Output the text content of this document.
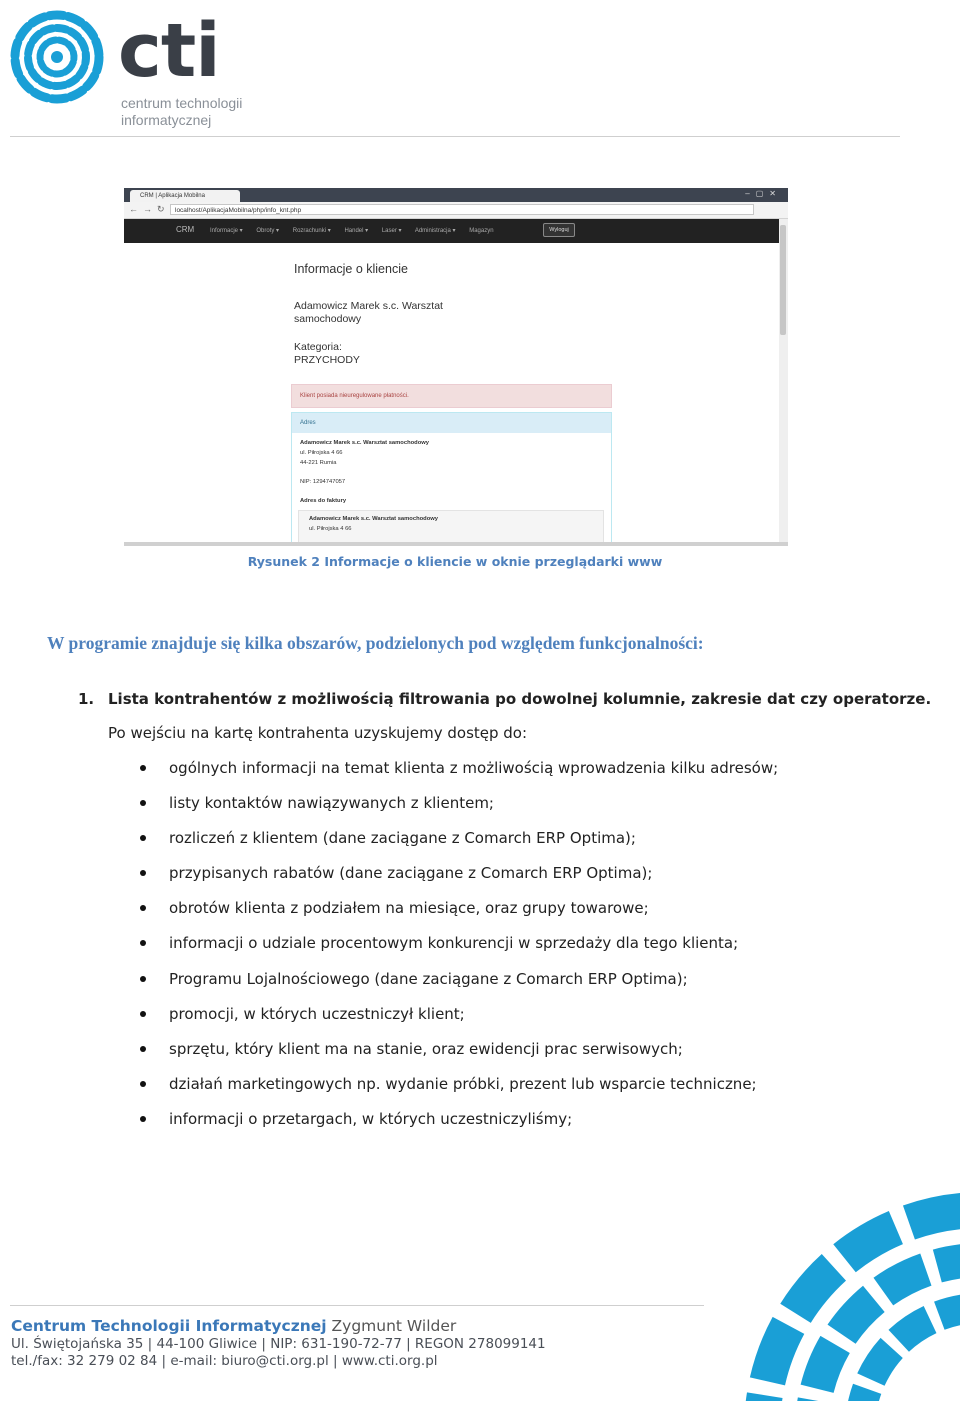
cti
centrum technologii
informatycznej
CRM | Aplikacja Mobilna	–▢✕
←→↻ localhost/AplikacjaMobilna/php/info_knt.php
CRM	Informacje ▾ Obroty ▾ Rozrachunki ▾ Handel ▾ Laser ▾ Administracja ▾ Magazyn	Wyloguj
Informacje o kliencie
Adamowicz Marek s.c. Warsztat samochodowy
Kategoria:
PRZYCHODY
Klient posiada nieuregulowane płatności.
Adres
Adamowicz Marek s.c. Warsztat samochodowy
ul. Piłrojska 4 66
44-221 Rumia
NIP: 1294747057
Adres do faktury
Adamowicz Marek s.c. Warsztat samochodowy
ul. Piłrojska 4 66
Rysunek 2 Informacje o kliencie w oknie przeglądarki www
W programie znajduje się kilka obszarów, podzielonych pod względem funkcjonalności:
1. Lista kontrahentów z możliwością filtrowania po dowolnej kolumnie, zakresie dat czy operatorze.
Po wejściu na kartę kontrahenta uzyskujemy dostęp do:
ogólnych informacji na temat klienta z możliwością wprowadzenia kilku adresów;
listy kontaktów nawiązywanych z klientem;
rozliczeń z klientem (dane zaciągane z Comarch ERP Optima);
przypisanych rabatów (dane zaciągane z Comarch ERP Optima);
obrotów klienta z podziałem na miesiące, oraz grupy towarowe;
informacji o udziale procentowym konkurencji w sprzedaży dla tego klienta;
Programu Lojalnościowego (dane zaciągane z Comarch ERP Optima);
promocji, w których uczestniczył klient;
sprzętu, który klient ma na stanie, oraz ewidencji prac serwisowych;
działań marketingowych np. wydanie próbki, prezent lub wsparcie techniczne;
informacji o przetargach, w których uczestniczyliśmy;
Centrum Technologii Informatycznej Zygmunt Wilder
Ul. Świętojańska 35 | 44-100 Gliwice | NIP: 631-190-72-77 | REGON 278099141
tel./fax: 32 279 02 84 | e-mail: biuro@cti.org.pl | www.cti.org.pl
